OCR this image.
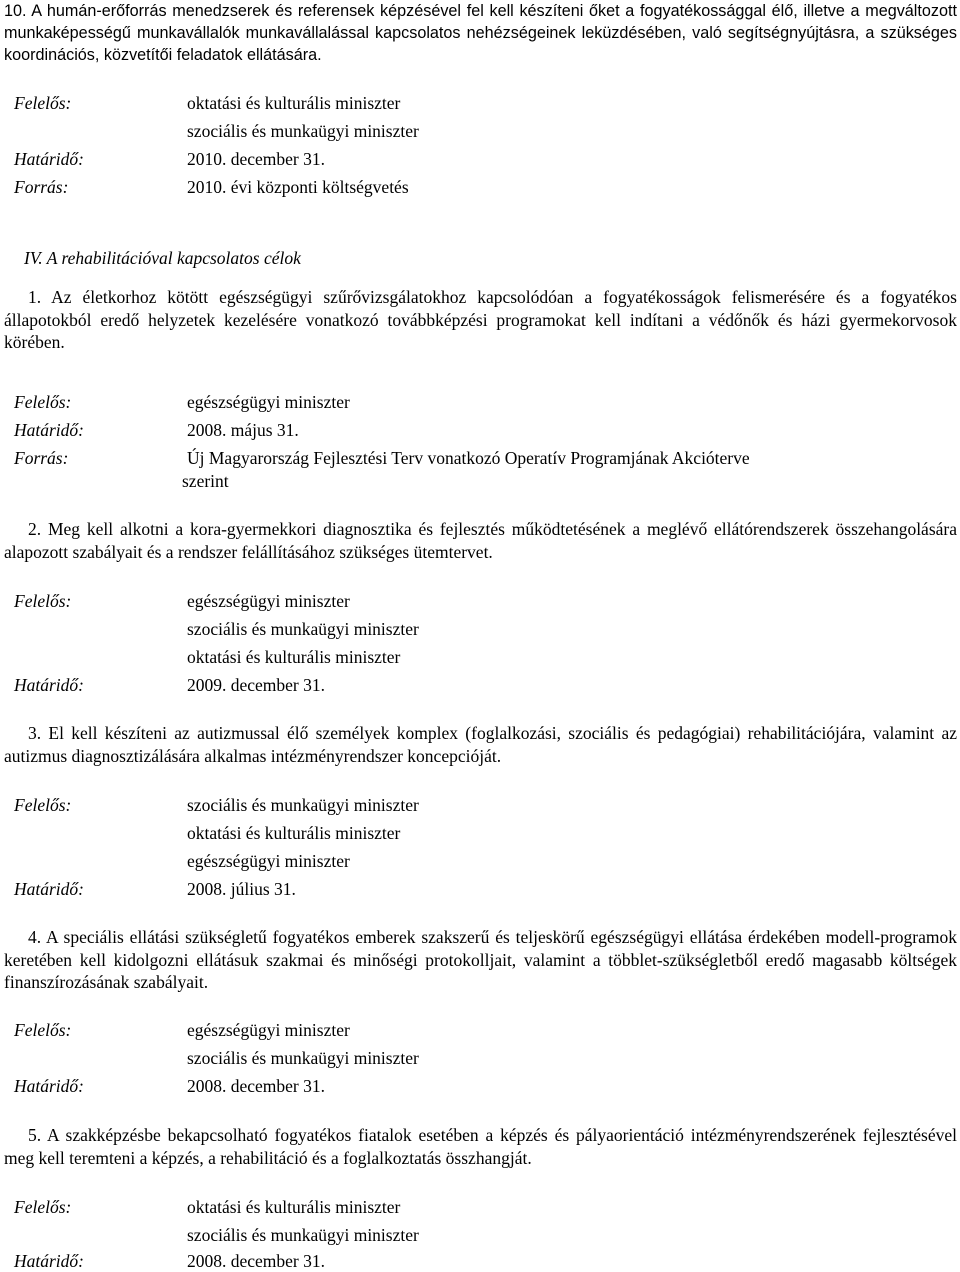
10. A humán-erőforrás menedzserek és referensek képzésével fel kell készíteni őket a fogyatékossággal élő, illetve a megváltozott munkaképességű munkavállalók munkavállalással kapcsolatos nehézségeinek leküzdésében, való segítségnyújtásra, a szükséges koordinációs, közvetítői feladatok ellátására.
Felelős:	oktatási és kulturális miniszter
szociális és munkaügyi miniszter
Határidő:	2010. december 31.
Forrás:	2010. évi központi költségvetés
IV. A rehabilitációval kapcsolatos célok
1. Az életkorhoz kötött egészségügyi szűrővizsgálatokhoz kapcsolódóan a fogyatékosságok felismerésére és a fogyatékos állapotokból eredő helyzetek kezelésére vonatkozó továbbképzési programokat kell indítani a védőnők és házi gyermekorvosok körében.
Felelős:	egészségügyi miniszter
Határidő:	2008. május 31.
Forrás:	Új Magyarország Fejlesztési Terv vonatkozó Operatív Programjának Akcióterve
szerint
2. Meg kell alkotni a kora-gyermekkori diagnosztika és fejlesztés működtetésének a meglévő ellátórendszerek összehangolására alapozott szabályait és a rendszer felállításához szükséges ütemtervet.
Felelős:	egészségügyi miniszter
szociális és munkaügyi miniszter
oktatási és kulturális miniszter
Határidő:	2009. december 31.
3. El kell készíteni az autizmussal élő személyek komplex (foglalkozási, szociális és pedagógiai) rehabilitációjára, valamint az autizmus diagnosztizálására alkalmas intézményrendszer koncepcióját.
Felelős:	szociális és munkaügyi miniszter
oktatási és kulturális miniszter
egészségügyi miniszter
Határidő:	2008. július 31.
4. A speciális ellátási szükségletű fogyatékos emberek szakszerű és teljeskörű egészségügyi ellátása érdekében modell-programok keretében kell kidolgozni ellátásuk szakmai és minőségi protokolljait, valamint a többlet-szükségletből eredő magasabb költségek finanszírozásának szabályait.
Felelős:	egészségügyi miniszter
szociális és munkaügyi miniszter
Határidő:	2008. december 31.
5. A szakképzésbe bekapcsolható fogyatékos fiatalok esetében a képzés és pályaorientáció intézményrendszerének fejlesztésével meg kell teremteni a képzés, a rehabilitáció és a foglalkoztatás összhangját.
Felelős:	oktatási és kulturális miniszter
szociális és munkaügyi miniszter
Határidő:	2008. december 31.
